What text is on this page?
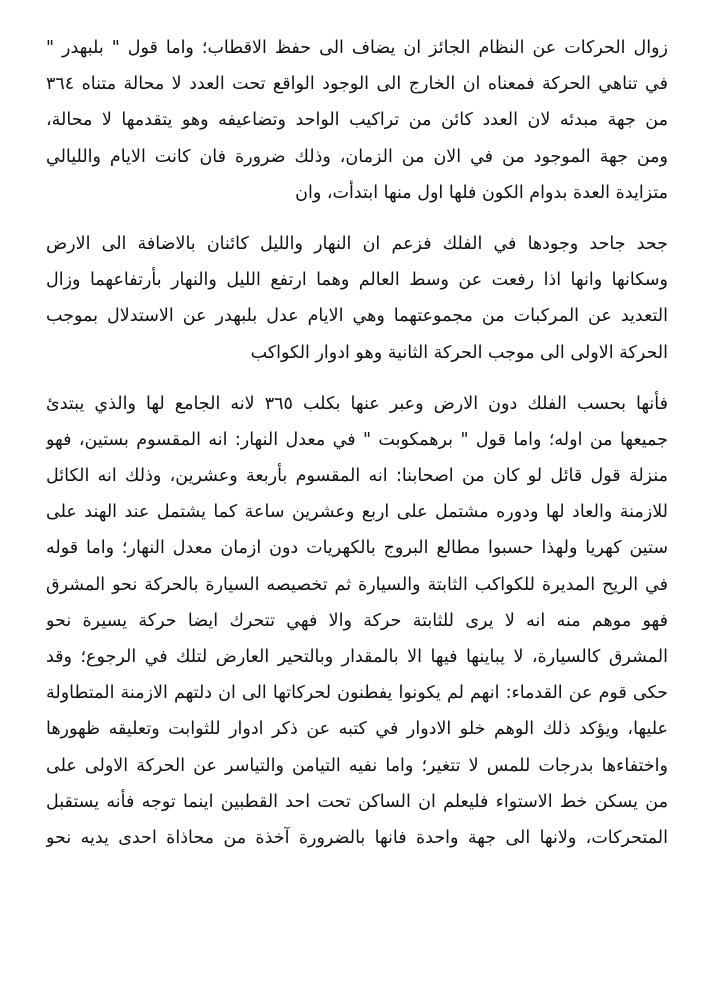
زوال الحركات عن النظام الجائز ان يضاف الى حفظ الاقطاب؛ واما قول " بلبهدر "
في تناهي الحركة فمعناه ان الخارج الى الوجود الواقع تحت العدد لا محالة متناه ٣٦٤
من جهة مبدئه لان العدد كائن من تراكيب الواحد وتضاعيفه وهو يتقدمها لا محالة،
ومن جهة الموجود من في الان من الزمان، وذلك ضرورة فان كانت الايام والليالي
متزايدة العدة بدوام الكون فلها اول منها ابتدأت، وان
جحد جاحد وجودها في الفلك فزعم ان النهار والليل كائنان بالاضافة الى الارض
وسكانها وانها اذا رفعت عن وسط العالم وهما ارتفع الليل والنهار بأرتفاعهما وزال
التعديد عن المركبات من مجموعتهما وهي الايام عدل بلبهدر عن الاستدلال بموجب
الحركة الاولى الى موجب الحركة الثانية وهو ادوار الكواكب
فأنها بحسب الفلك دون الارض وعبر عنها بكلب ٣٦٥ لانه الجامع لها والذي يبتدئ
جميعها من اوله؛ واما قول " برهمكوبت " في معدل النهار: انه المقسوم بستين، فهو
منزلة قول قائل لو كان من اصحابنا: انه المقسوم بأربعة وعشرين، وذلك انه الكائل
للازمنة والعاد لها ودوره مشتمل على اربع وعشرين ساعة كما يشتمل عند الهند على
ستين كهريا ولهذا حسبوا مطالع البروج بالكهريات دون ازمان معدل النهار؛ واما قوله
في الريح المديرة للكواكب الثابتة والسيارة ثم تخصيصه السيارة بالحركة نحو المشرق
فهو موهم منه انه لا يرى للثابتة حركة والا فهي تتحرك ايضا حركة يسيرة نحو
المشرق كالسيارة، لا يباينها فيها الا بالمقدار وبالتحير العارض لتلك في الرجوع؛ وقد
حكى قوم عن القدماء: انهم لم يكونوا يفطنون لحركاتها الى ان دلتهم الازمنة المتطاولة
عليها، ويؤكد ذلك الوهم خلو الادوار في كتبه عن ذكر ادوار للثوابت وتعليقه ظهورها
واختفاءها بدرجات للمس لا تتغير؛ واما نفيه التيامن والتياسر عن الحركة الاولى على
من يسكن خط الاستواء فليعلم ان الساكن تحت احد القطبين اينما توجه فأنه يستقبل
المتحركات، ولانها الى جهة واحدة فانها بالضرورة آخذة من محاذاة احدى يديه نحو
